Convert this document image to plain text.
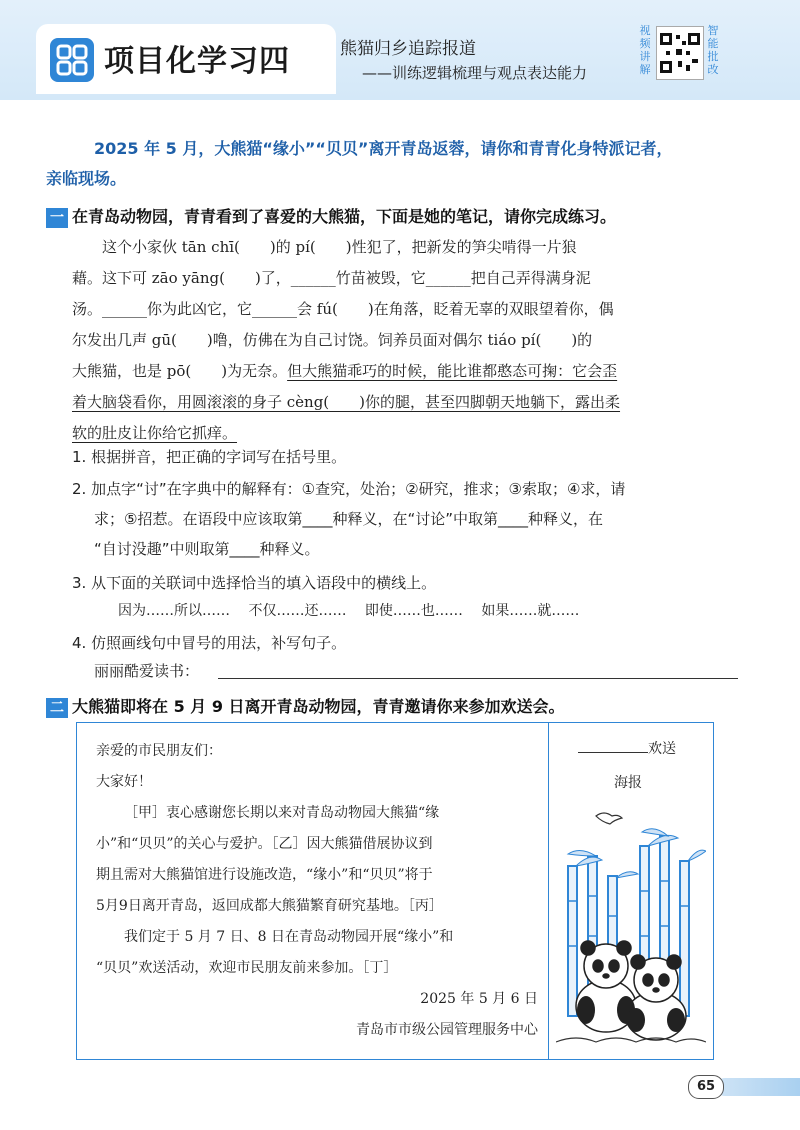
项目化学习四	熊猫归乡追踪报道
——训练逻辑梳理与观点表达能力
视频讲解
智能批改
2025 年 5 月，大熊猫“缘小”“贝贝”离开青岛返蓉，请你和青青化身特派记者，
亲临现场。
一 在青岛动物园，青青看到了喜爱的大熊猫，下面是她的笔记，请你完成练习。

这个小家伙 tān chī(　　)的 pí(　　)性犯了，把新发的笋尖啃得一片狼

藉。这下可 zāo yāng(　　)了，______竹苗被毁，它______把自己弄得满身泥

汤。______你为此凶它，它______会 fú(　　)在角落，眨着无辜的双眼望着你，偶

尔发出几声 gū(　　)噜，仿佛在为自己讨饶。饲养员面对偶尔 tiáo pí(　　)的

大熊猫，也是 pō(　　)为无奈。但大熊猫乖巧的时候，能比谁都憨态可掬：它会歪

着大脑袋看你，用圆滚滚的身子 cèng(　　)你的腿，甚至四脚朝天地躺下，露出柔

软的肚皮让你给它抓痒。

1. 根据拼音，把正确的字词写在括号里。
2. 加点字“讨”在字典中的解释有：①查究，处治；②研究，推求；③索取；④求，请
求；⑤招惹。在语段中应该取第____种释义，在“讨论”中取第____种释义，在
“自讨没趣”中则取第____种释义。
3. 从下面的关联词中选择恰当的填入语段中的横线上。
因为……所以…… 不仅……还…… 即使……也…… 如果……就……
4. 仿照画线句中冒号的用法，补写句子。
丽丽酷爱读书：
二 大熊猫即将在 5 月 9 日离开青岛动物园，青青邀请你来参加欢送会。

亲爱的市民朋友们：

大家好！

［甲］衷心感谢您长期以来对青岛动物园大熊猫“缘

小”和“贝贝”的关心与爱护。［乙］因大熊猫借展协议到

期且需对大熊猫馆进行设施改造，“缘小”和“贝贝”将于

5月9日离开青岛，返回成都大熊猫繁育研究基地。［丙］

我们定于 5 月 7 日、8 日在青岛动物园开展“缘小”和

“贝贝”欢送活动，欢迎市民朋友前来参加。［丁］

2025 年 5 月 6 日

青岛市市级公园管理服务中心

欢送
海报
65
